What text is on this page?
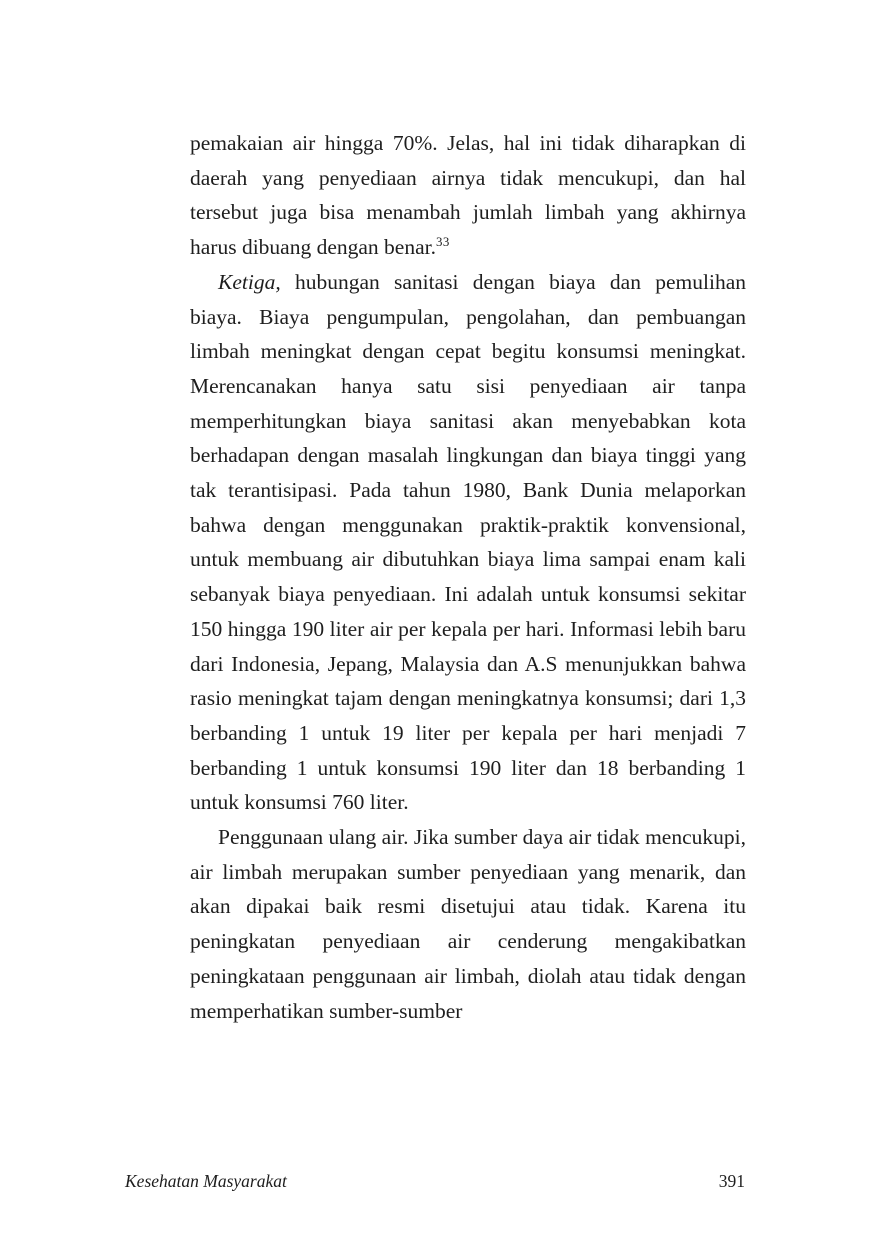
pemakaian air hingga 70%. Jelas, hal ini tidak diharapkan di daerah yang penyediaan airnya tidak mencukupi, dan hal tersebut juga bisa menambah jumlah limbah yang akhirnya harus dibuang dengan benar.$^{33}$

Ketiga, hubungan sanitasi dengan biaya dan pemulihan biaya. Biaya pengumpulan, pengolahan, dan pembuangan limbah meningkat dengan cepat begitu konsumsi meningkat. Merencanakan hanya satu sisi penyediaan air tanpa memperhitungkan biaya sanitasi akan menyebabkan kota berhadapan dengan masalah lingkungan dan biaya tinggi yang tak terantisipasi. Pada tahun 1980, Bank Dunia melaporkan bahwa dengan menggunakan praktik-praktik konvensional, untuk membuang air dibutuhkan biaya lima sampai enam kali sebanyak biaya penyediaan. Ini adalah untuk konsumsi sekitar 150 hingga 190 liter air per kepala per hari. Informasi lebih baru dari Indonesia, Jepang, Malaysia dan A.S menunjukkan bahwa rasio meningkat tajam dengan meningkatnya konsumsi; dari 1,3 berbanding 1 untuk 19 liter per kepala per hari menjadi 7 berbanding 1 untuk konsumsi 190 liter dan 18 berbanding 1 untuk konsumsi 760 liter.

Penggunaan ulang air. Jika sumber daya air tidak mencukupi, air limbah merupakan sumber penyediaan yang menarik, dan akan dipakai baik resmi disetujui atau tidak. Karena itu peningkatan penyediaan air cenderung mengakibatkan peningkataan penggunaan air limbah, diolah atau tidak dengan memperhatikan sumber-sumber

Kesehatan Masyarakat	391
